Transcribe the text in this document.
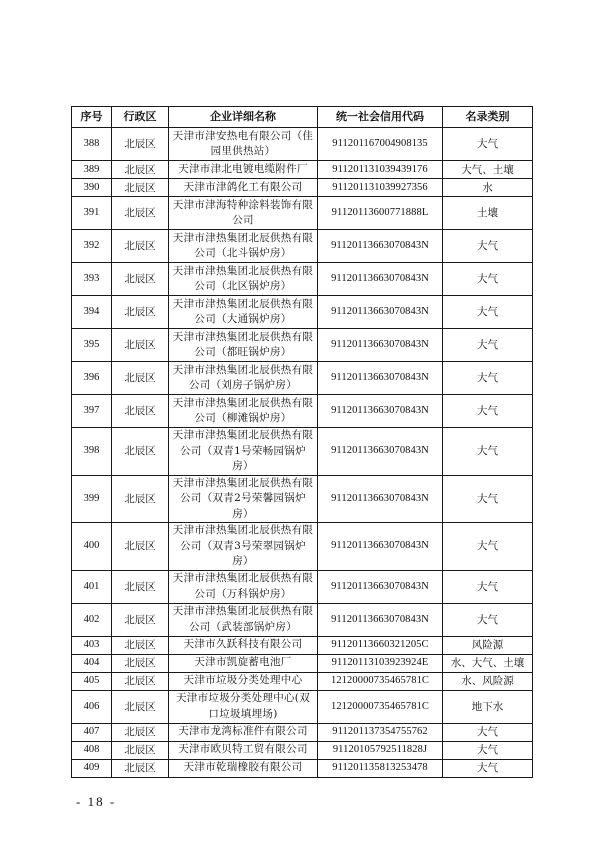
序号	行政区	企业详细名称	统一社会信用代码	名录类别
388	北辰区	天津市津安热电有限公司（佳园里供热站）	911201167004908135	大气
389	北辰区	天津市津北电镀电缆附件厂	911201131039439176	大气、土壤
390	北辰区	天津市津鸽化工有限公司	911201131039927356	水
391	北辰区	天津市津海特种涂料装饰有限公司	91120113600771888L	土壤
392	北辰区	天津市津热集团北辰供热有限公司（北斗锅炉房）	91120113663070843N	大气
393	北辰区	天津市津热集团北辰供热有限公司（北区锅炉房）	91120113663070843N	大气
394	北辰区	天津市津热集团北辰供热有限公司（大通锅炉房）	91120113663070843N	大气
395	北辰区	天津市津热集团北辰供热有限公司（都旺锅炉房）	91120113663070843N	大气
396	北辰区	天津市津热集团北辰供热有限公司（刘房子锅炉房）	91120113663070843N	大气
397	北辰区	天津市津热集团北辰供热有限公司（柳滩锅炉房）	91120113663070843N	大气
398	北辰区	天津市津热集团北辰供热有限公司（双青1号荣畅园锅炉房）	91120113663070843N	大气
399	北辰区	天津市津热集团北辰供热有限公司（双青2号荣馨园锅炉房）	91120113663070843N	大气
400	北辰区	天津市津热集团北辰供热有限公司（双青3号荣翠园锅炉房）	91120113663070843N	大气
401	北辰区	天津市津热集团北辰供热有限公司（万科锅炉房）	91120113663070843N	大气
402	北辰区	天津市津热集团北辰供热有限公司（武装部锅炉房）	91120113663070843N	大气
403	北辰区	天津市久跃科技有限公司	91120113660321205C	风险源
404	北辰区	天津市凯旋蓄电池厂	91120113103923924E	水、大气、土壤
405	北辰区	天津市垃圾分类处理中心	12120000735465781C	水、风险源
406	北辰区	天津市垃圾分类处理中心(双口垃圾填埋场)	12120000735465781C	地下水
407	北辰区	天津市龙湾标准件有限公司	911201137354755762	大气
408	北辰区	天津市欧贝特工贸有限公司	91120105792511828J	大气
409	北辰区	天津市乾瑞橡胶有限公司	911201135813253478	大气
- 18 -
